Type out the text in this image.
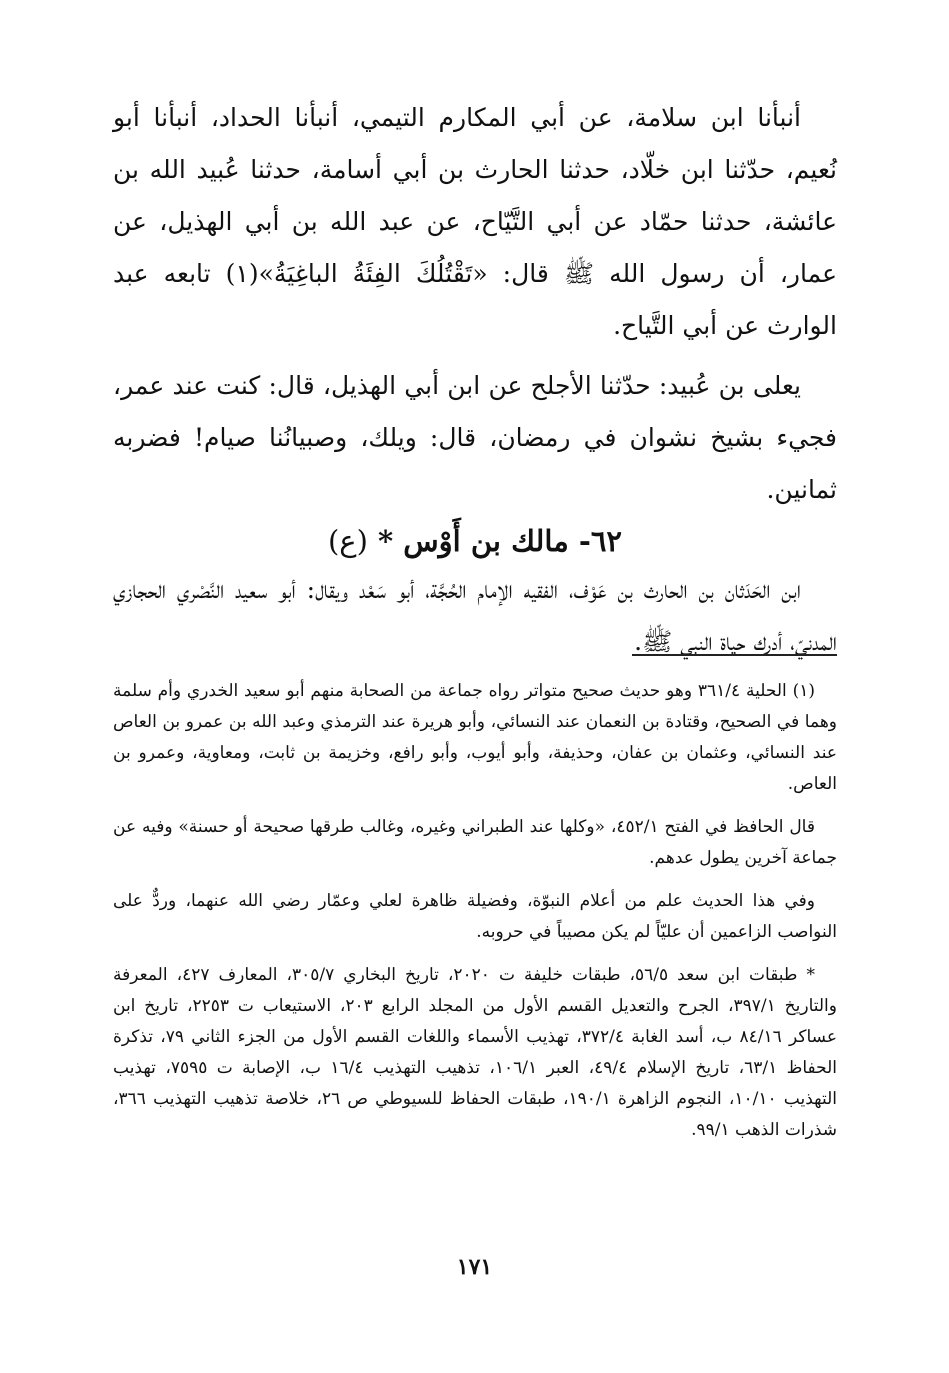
أنبأنا ابن سلامة، عن أبي المكارم التيمي، أنبأنا الحداد، أنبأنا أبو نُعيم، حدّثنا ابن خلّاد، حدثنا الحارث بن أبي أسامة، حدثنا عُبيد الله بن عائشة، حدثنا حمّاد عن أبي التَّيّاح، عن عبد الله بن أبي الهذيل، عن عمار، أن رسول الله ﷺ قال: «تَقْتُلُكَ الفِئَةُ الباغِيَةُ»(١) تابعه عبد الوارث عن أبي التَّياح.

يعلى بن عُبيد: حدّثنا الأجلح عن ابن أبي الهذيل، قال: كنت عند عمر، فجيء بشيخ نشوان في رمضان، قال: ويلك، وصبيانُنا صيام! فضربه ثمانين.

٦٢- مالك بن أَوْس * (ع)

ابن الحَدَثان بن الحارث بن عَوْف، الفقيه الإمام الحُجَّة، أبو سَعْد ويقال: أبو سعيد النَّصْري الحجازي المدنيّ، أدرك حياة النبي ﷺ.

(١) الحلية ٣٦١/٤ وهو حديث صحيح متواتر رواه جماعة من الصحابة منهم أبو سعيد الخدري وأم سلمة وهما في الصحيح، وقتادة بن النعمان عند النسائي، وأبو هريرة عند الترمذي وعبد الله بن عمرو بن العاص عند النسائي، وعثمان بن عفان، وحذيفة، وأبو أيوب، وأبو رافع، وخزيمة بن ثابت، ومعاوية، وعمرو بن العاص.

قال الحافظ في الفتح ٤٥٢/١، «وكلها عند الطبراني وغيره، وغالب طرقها صحيحة أو حسنة» وفيه عن جماعة آخرين يطول عدهم.

وفي هذا الحديث علم من أعلام النبوّة، وفضيلة ظاهرة لعلي وعمّار رضي الله عنهما، وردٌّ على النواصب الزاعمين أن عليّاً لم يكن مصيباً في حروبه.

* طبقات ابن سعد ٥٦/٥، طبقات خليفة ت ٢٠٢٠، تاريخ البخاري ٣٠٥/٧، المعارف ٤٢٧، المعرفة والتاريخ ٣٩٧/١، الجرح والتعديل القسم الأول من المجلد الرابع ٢٠٣، الاستيعاب ت ٢٢٥٣، تاريخ ابن عساكر ٨٤/١٦ ب، أسد الغابة ٣٧٢/٤، تهذيب الأسماء واللغات القسم الأول من الجزء الثاني ٧٩، تذكرة الحفاظ ٦٣/١، تاريخ الإسلام ٤٩/٤، العبر ١٠٦/١، تذهيب التهذيب ١٦/٤ ب، الإصابة ت ٧٥٩٥، تهذيب التهذيب ١٠/١٠، النجوم الزاهرة ١٩٠/١، طبقات الحفاظ للسيوطي ص ٢٦، خلاصة تذهيب التهذيب ٣٦٦، شذرات الذهب ٩٩/١.

١٧١
